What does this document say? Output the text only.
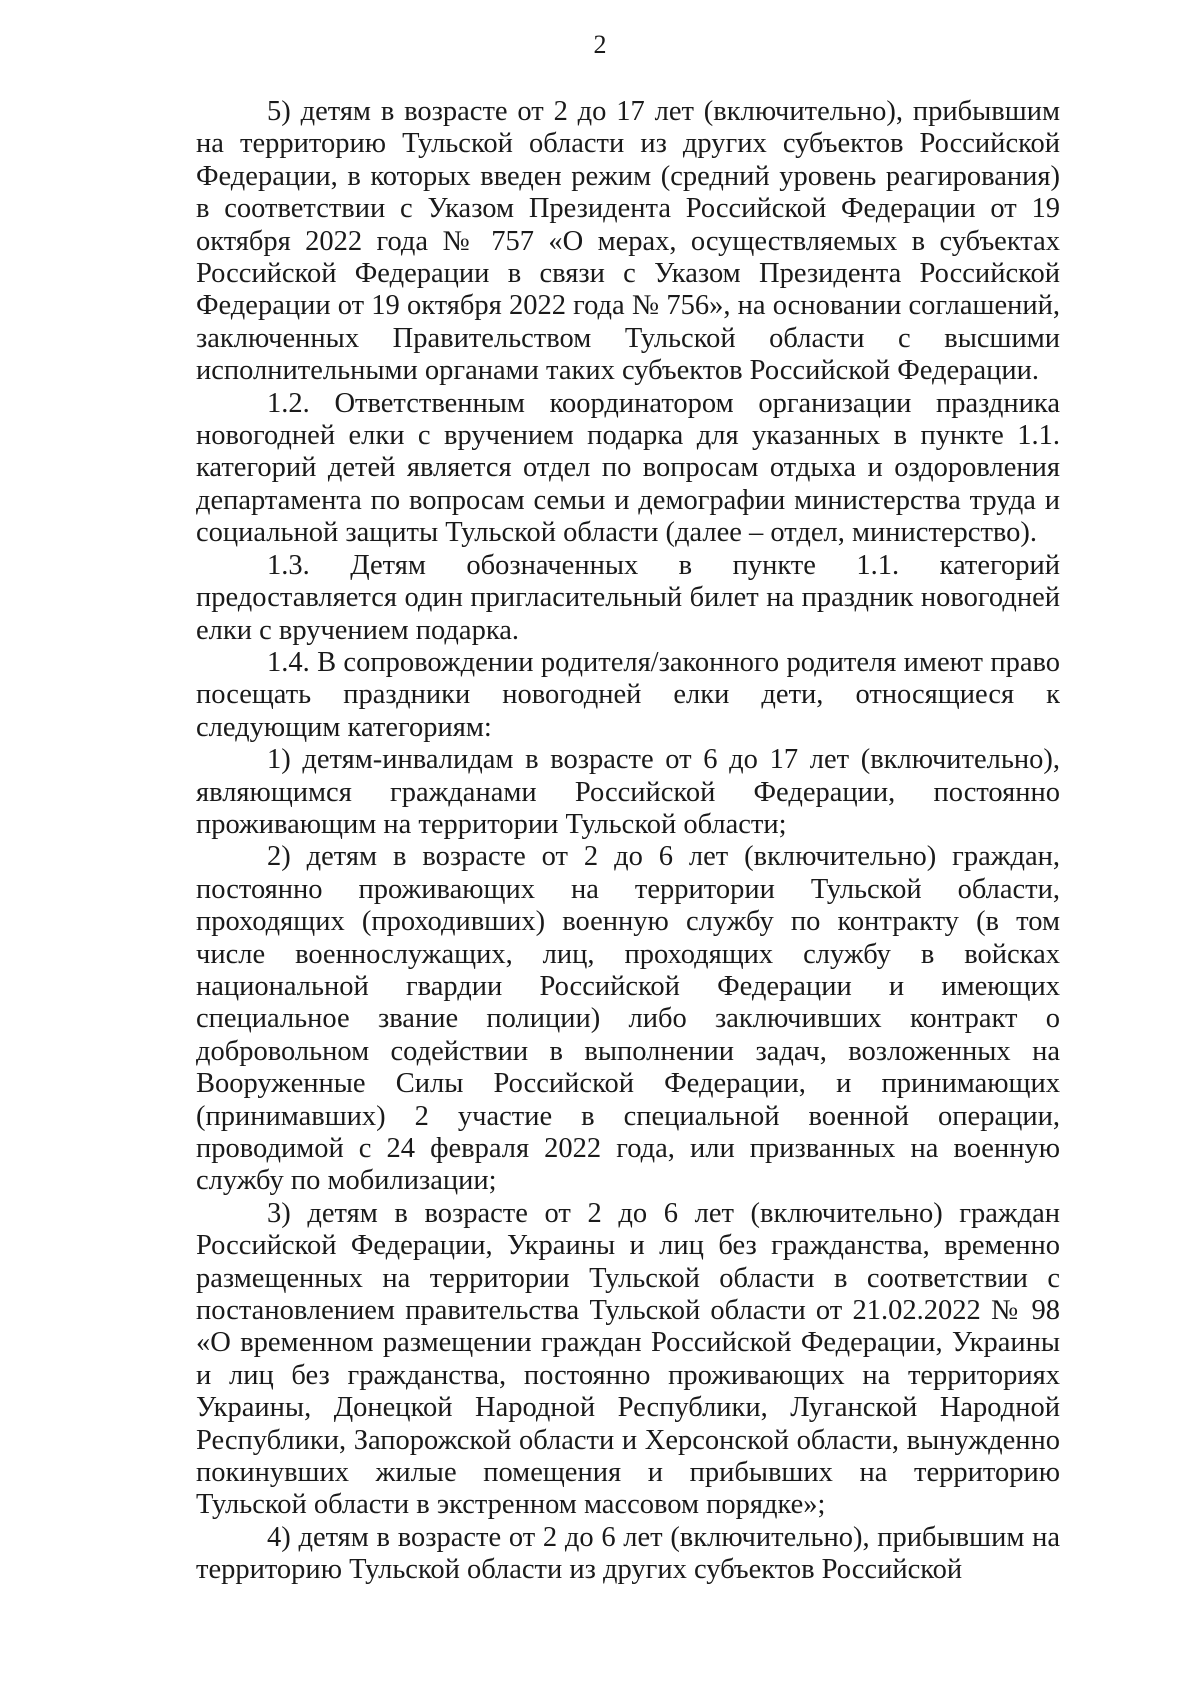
2

5) детям в возрасте от 2 до 17 лет (включительно), прибывшим на территорию Тульской области из других субъектов Российской Федерации, в которых введен режим (средний уровень реагирования) в соответствии с Указом Президента Российской Федерации от 19 октября 2022 года № 757 «О мерах, осуществляемых в субъектах Российской Федерации в связи с Указом Президента Российской Федерации от 19 октября 2022 года № 756», на основании соглашений, заключенных Правительством Тульской области с высшими исполнительными органами таких субъектов Российской Федерации.

1.2. Ответственным координатором организации праздника новогодней елки с вручением подарка для указанных в пункте 1.1. категорий детей является отдел по вопросам отдыха и оздоровления департамента по вопросам семьи и демографии министерства труда и социальной защиты Тульской области (далее – отдел, министерство).

1.3. Детям обозначенных в пункте 1.1. категорий предоставляется один пригласительный билет на праздник новогодней елки с вручением подарка.

1.4. В сопровождении родителя/законного родителя имеют право посещать праздники новогодней елки дети, относящиеся к следующим категориям:

1) детям-инвалидам в возрасте от 6 до 17 лет (включительно), являющимся гражданами Российской Федерации, постоянно проживающим на территории Тульской области;

2) детям в возрасте от 2 до 6 лет (включительно) граждан, постоянно проживающих на территории Тульской области, проходящих (проходивших) военную службу по контракту (в том числе военнослужащих, лиц, проходящих службу в войсках национальной гвардии Российской Федерации и имеющих специальное звание полиции) либо заключивших контракт о добровольном содействии в выполнении задач, возложенных на Вооруженные Силы Российской Федерации, и принимающих (принимавших) 2 участие в специальной военной операции, проводимой с 24 февраля 2022 года, или призванных на военную службу по мобилизации;

3) детям в возрасте от 2 до 6 лет (включительно) граждан Российской Федерации, Украины и лиц без гражданства, временно размещенных на территории Тульской области в соответствии с постановлением правительства Тульской области от 21.02.2022 № 98 «О временном размещении граждан Российской Федерации, Украины и лиц без гражданства, постоянно проживающих на территориях Украины, Донецкой Народной Республики, Луганской Народной Республики, Запорожской области и Херсонской области, вынужденно покинувших жилые помещения и прибывших на территорию Тульской области в экстренном массовом порядке»;

4) детям в возрасте от 2 до 6 лет (включительно), прибывшим на территорию Тульской области из других субъектов Российской
